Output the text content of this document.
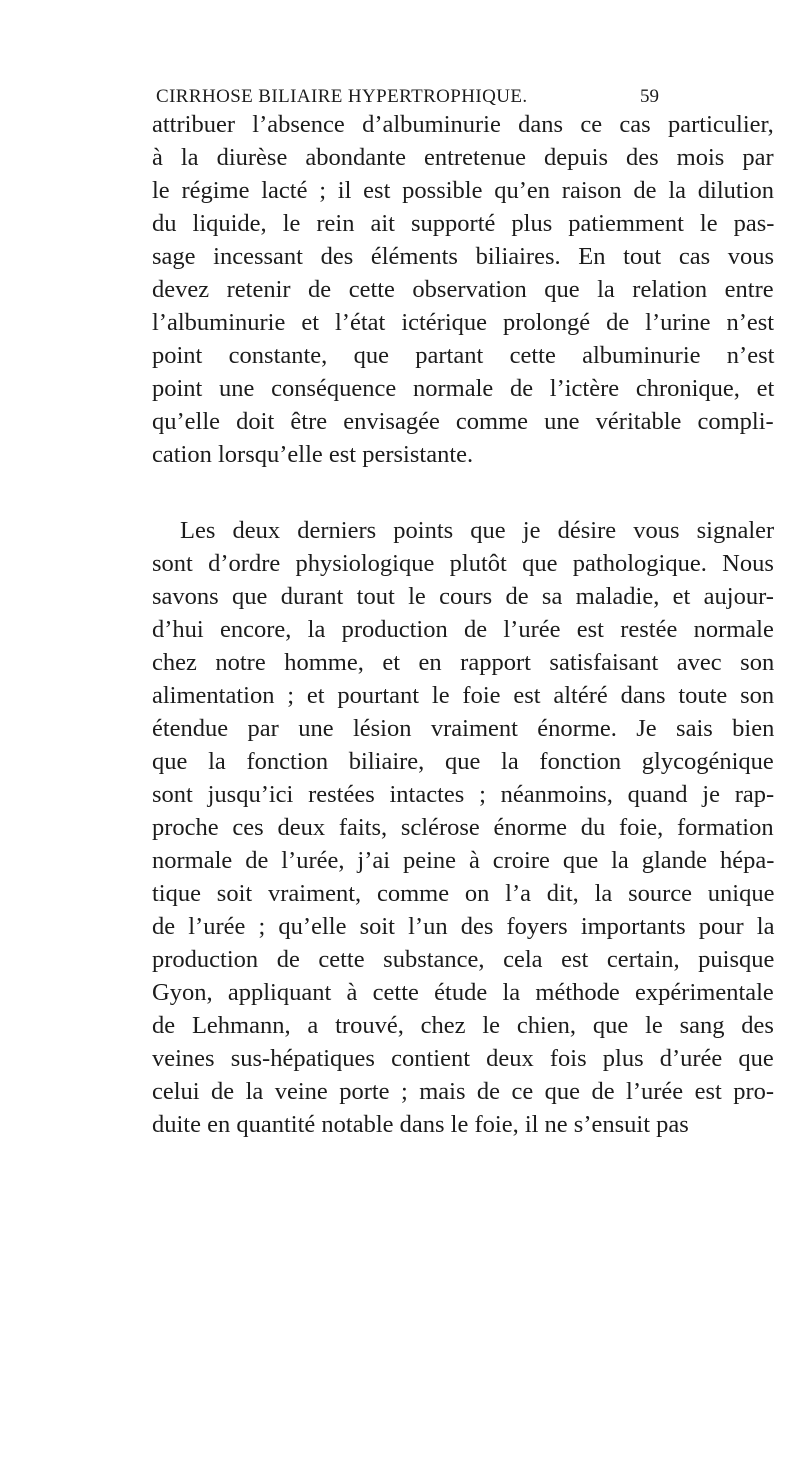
CIRRHOSE BILIAIRE HYPERTROPHIQUE.	59
attribuer l’absence d’albuminurie dans ce cas particulier,
à la diurèse abondante entretenue depuis des mois par
le régime lacté ; il est possible qu’en raison de la dilution
du liquide, le rein ait supporté plus patiemment le pas-
sage incessant des éléments biliaires. En tout cas vous
devez retenir de cette observation que la relation entre
l’albuminurie et l’état ictérique prolongé de l’urine n’est
point constante, que partant cette albuminurie n’est
point une conséquence normale de l’ictère chronique, et
qu’elle doit être envisagée comme une véritable compli-
cation lorsqu’elle est persistante.
Les deux derniers points que je désire vous signaler
sont d’ordre physiologique plutôt que pathologique. Nous
savons que durant tout le cours de sa maladie, et aujour-
d’hui encore, la production de l’urée est restée normale
chez notre homme, et en rapport satisfaisant avec son
alimentation ; et pourtant le foie est altéré dans toute son
étendue par une lésion vraiment énorme. Je sais bien
que la fonction biliaire, que la fonction glycogénique
sont jusqu’ici restées intactes ; néanmoins, quand je rap-
proche ces deux faits, sclérose énorme du foie, formation
normale de l’urée, j’ai peine à croire que la glande hépa-
tique soit vraiment, comme on l’a dit, la source unique
de l’urée ; qu’elle soit l’un des foyers importants pour la
production de cette substance, cela est certain, puisque
Gyon, appliquant à cette étude la méthode expérimentale
de Lehmann, a trouvé, chez le chien, que le sang des
veines sus-hépatiques contient deux fois plus d’urée que
celui de la veine porte ; mais de ce que de l’urée est pro-
duite en quantité notable dans le foie, il ne s’ensuit pas
